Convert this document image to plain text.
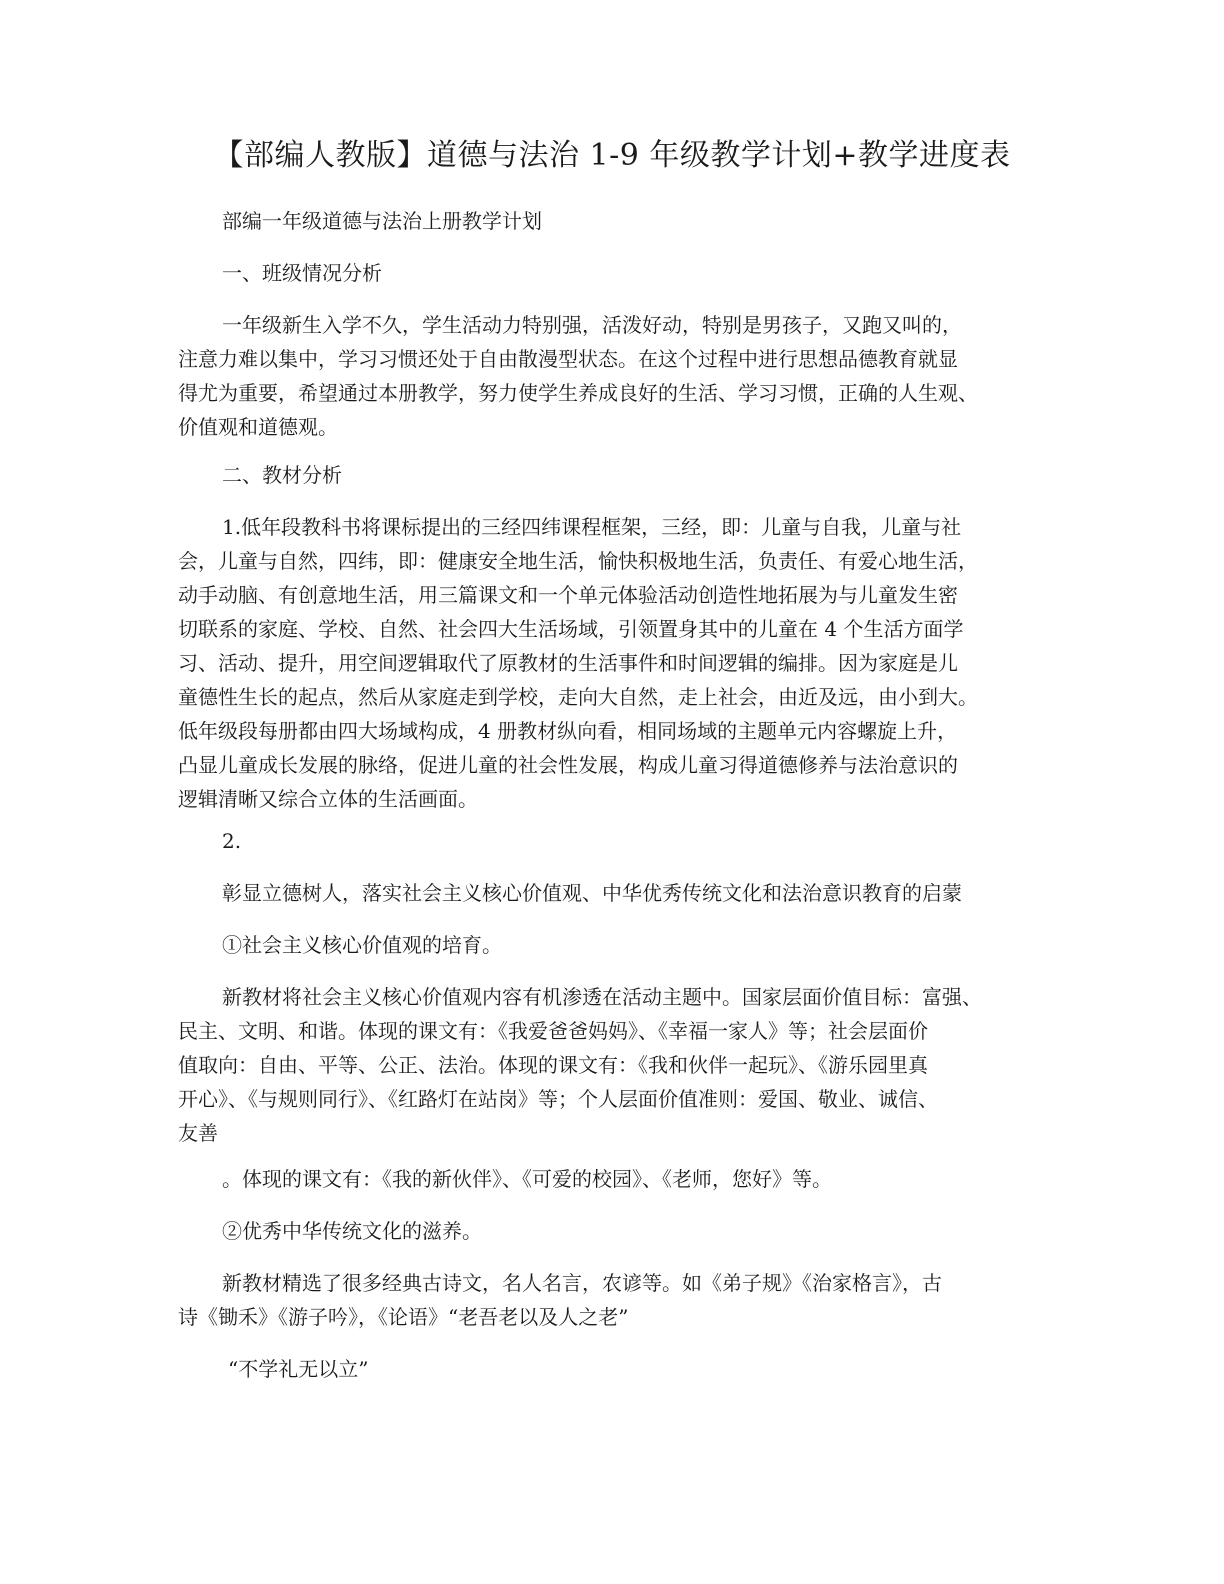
【部编人教版】道德与法治 1-9 年级教学计划+教学进度表

部编一年级道德与法治上册教学计划

一、班级情况分析

一年级新生入学不久，学生活动力特别强，活泼好动，特别是男孩子，又跑又叫的，
注意力难以集中，学习习惯还处于自由散漫型状态。在这个过程中进行思想品德教育就显
得尤为重要，希望通过本册教学，努力使学生养成良好的生活、学习习惯，正确的人生观、
价值观和道德观。

二、教材分析

1.低年段教科书将课标提出的三经四纬课程框架，三经，即：儿童与自我，儿童与社
会，儿童与自然，四纬，即：健康安全地生活，愉快积极地生活，负责任、有爱心地生活，
动手动脑、有创意地生活，用三篇课文和一个单元体验活动创造性地拓展为与儿童发生密
切联系的家庭、学校、自然、社会四大生活场域，引领置身其中的儿童在 4 个生活方面学
习、活动、提升，用空间逻辑取代了原教材的生活事件和时间逻辑的编排。因为家庭是儿
童德性生长的起点，然后从家庭走到学校，走向大自然，走上社会，由近及远，由小到大。
低年级段每册都由四大场域构成，4 册教材纵向看，相同场域的主题单元内容螺旋上升，
凸显儿童成长发展的脉络，促进儿童的社会性发展，构成儿童习得道德修养与法治意识的
逻辑清晰又综合立体的生活画面。

2.

彰显立德树人，落实社会主义核心价值观、中华优秀传统文化和法治意识教育的启蒙

①社会主义核心价值观的培育。

新教材将社会主义核心价值观内容有机渗透在活动主题中。国家层面价值目标：富强、
民主、文明、和谐。体现的课文有：《我爱爸爸妈妈》、《幸福一家人》等；社会层面价
值取向：自由、平等、公正、法治。体现的课文有：《我和伙伴一起玩》、《游乐园里真
开心》、《与规则同行》、《红路灯在站岗》等；个人层面价值准则：爱国、敬业、诚信、
友善

。体现的课文有：《我的新伙伴》、《可爱的校园》、《老师，您好》等。

②优秀中华传统文化的滋养。

新教材精选了很多经典古诗文，名人名言，农谚等。如《弟子规》《治家格言》，古
诗《锄禾》《游子吟》，《论语》“老吾老以及人之老”

“不学礼无以立”
